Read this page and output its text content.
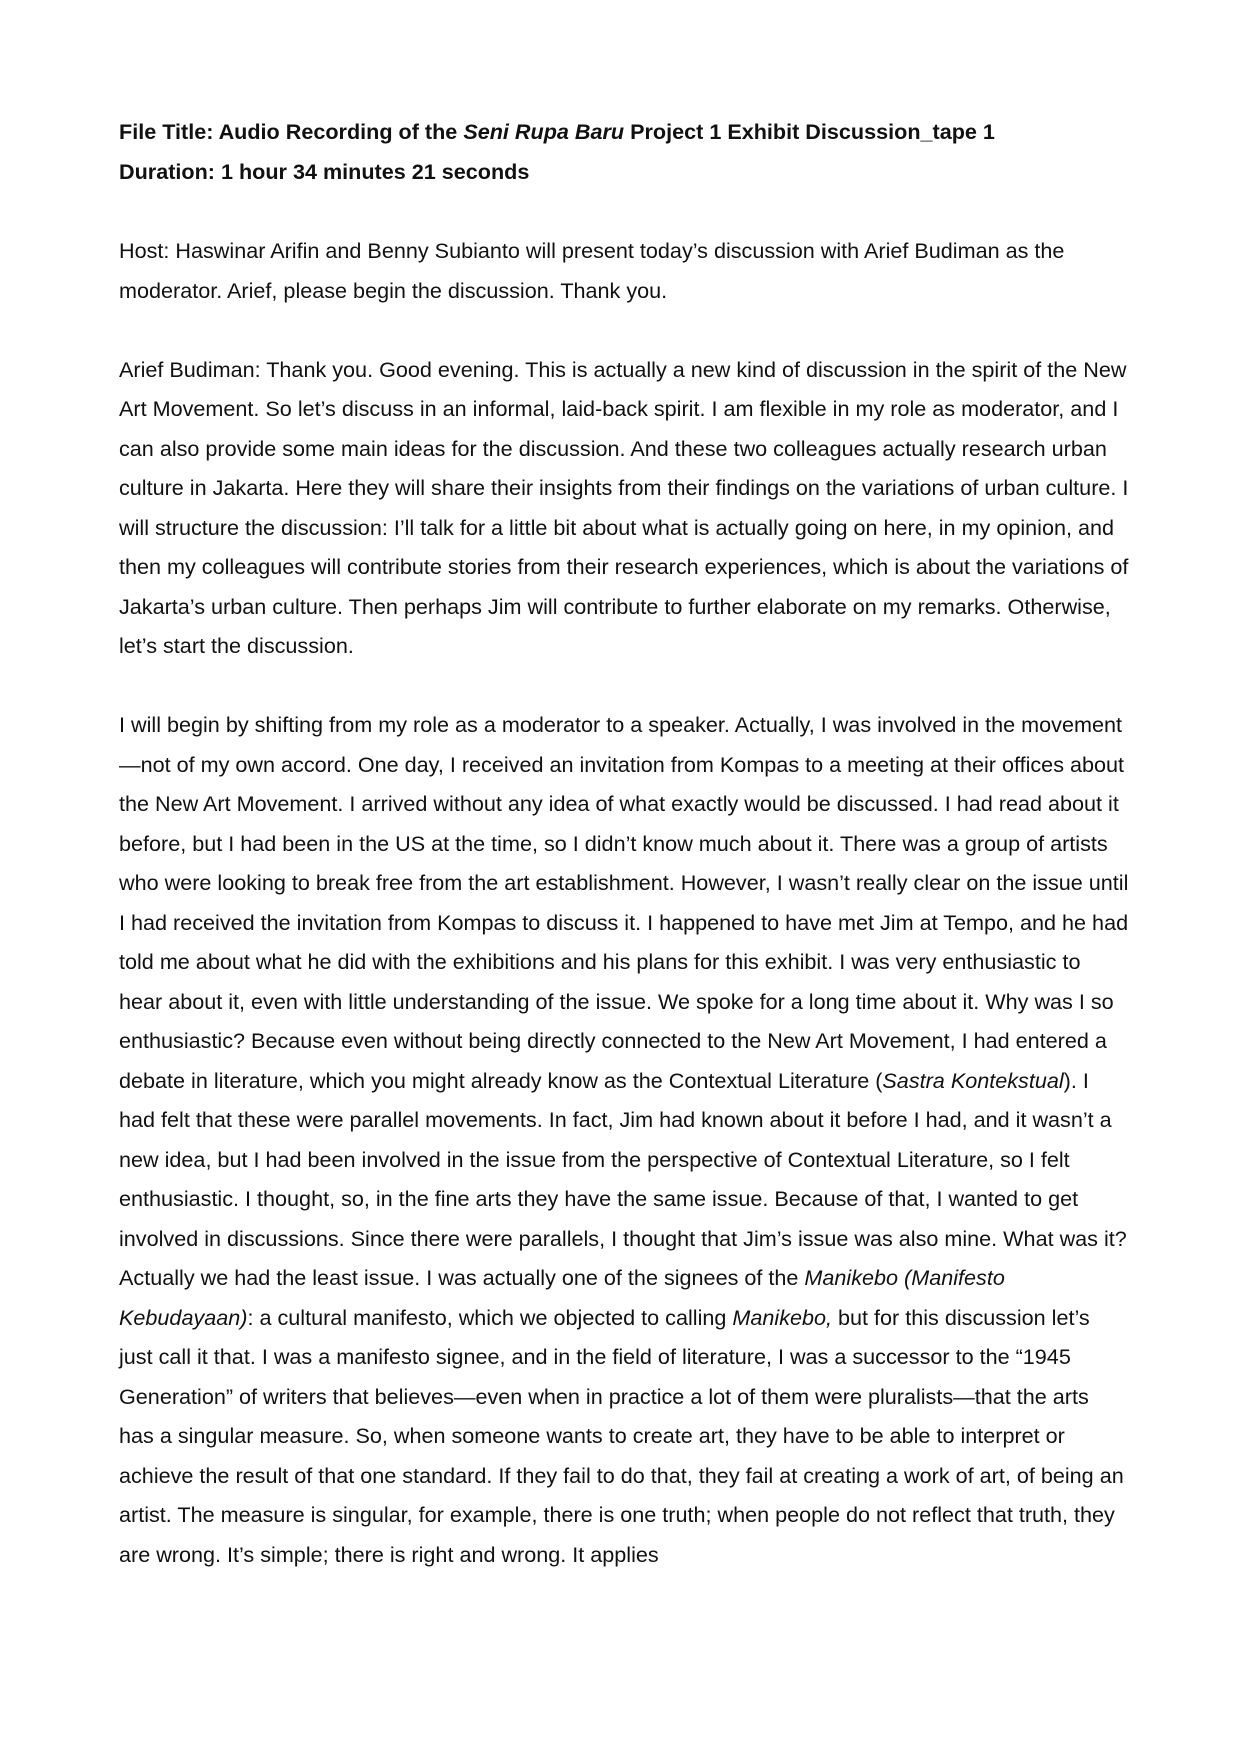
File Title: Audio Recording of the Seni Rupa Baru Project 1 Exhibit Discussion_tape 1

Duration: 1 hour 34 minutes 21 seconds

Host: Haswinar Arifin and Benny Subianto will present today’s discussion with Arief Budiman as the moderator. Arief, please begin the discussion. Thank you.

Arief Budiman: Thank you. Good evening. This is actually a new kind of discussion in the spirit of the New Art Movement. So let’s discuss in an informal, laid-back spirit. I am flexible in my role as moderator, and I can also provide some main ideas for the discussion. And these two colleagues actually research urban culture in Jakarta. Here they will share their insights from their findings on the variations of urban culture. I will structure the discussion: I’ll talk for a little bit about what is actually going on here, in my opinion, and then my colleagues will contribute stories from their research experiences, which is about the variations of Jakarta’s urban culture. Then perhaps Jim will contribute to further elaborate on my remarks. Otherwise, let’s start the discussion.

I will begin by shifting from my role as a moderator to a speaker. Actually, I was involved in the movement—not of my own accord. One day, I received an invitation from Kompas to a meeting at their offices about the New Art Movement. I arrived without any idea of what exactly would be discussed. I had read about it before, but I had been in the US at the time, so I didn’t know much about it. There was a group of artists who were looking to break free from the art establishment. However, I wasn’t really clear on the issue until I had received the invitation from Kompas to discuss it. I happened to have met Jim at Tempo, and he had told me about what he did with the exhibitions and his plans for this exhibit. I was very enthusiastic to hear about it, even with little understanding of the issue. We spoke for a long time about it. Why was I so enthusiastic? Because even without being directly connected to the New Art Movement, I had entered a debate in literature, which you might already know as the Contextual Literature (Sastra Kontekstual). I had felt that these were parallel movements. In fact, Jim had known about it before I had, and it wasn’t a new idea, but I had been involved in the issue from the perspective of Contextual Literature, so I felt enthusiastic. I thought, so, in the fine arts they have the same issue. Because of that, I wanted to get involved in discussions. Since there were parallels, I thought that Jim’s issue was also mine. What was it? Actually we had the least issue. I was actually one of the signees of the Manikebo (Manifesto Kebudayaan): a cultural manifesto, which we objected to calling Manikebo, but for this discussion let’s just call it that. I was a manifesto signee, and in the field of literature, I was a successor to the “1945 Generation” of writers that believes—even when in practice a lot of them were pluralists—that the arts has a singular measure. So, when someone wants to create art, they have to be able to interpret or achieve the result of that one standard. If they fail to do that, they fail at creating a work of art, of being an artist. The measure is singular, for example, there is one truth; when people do not reflect that truth, they are wrong. It’s simple; there is right and wrong. It applies
